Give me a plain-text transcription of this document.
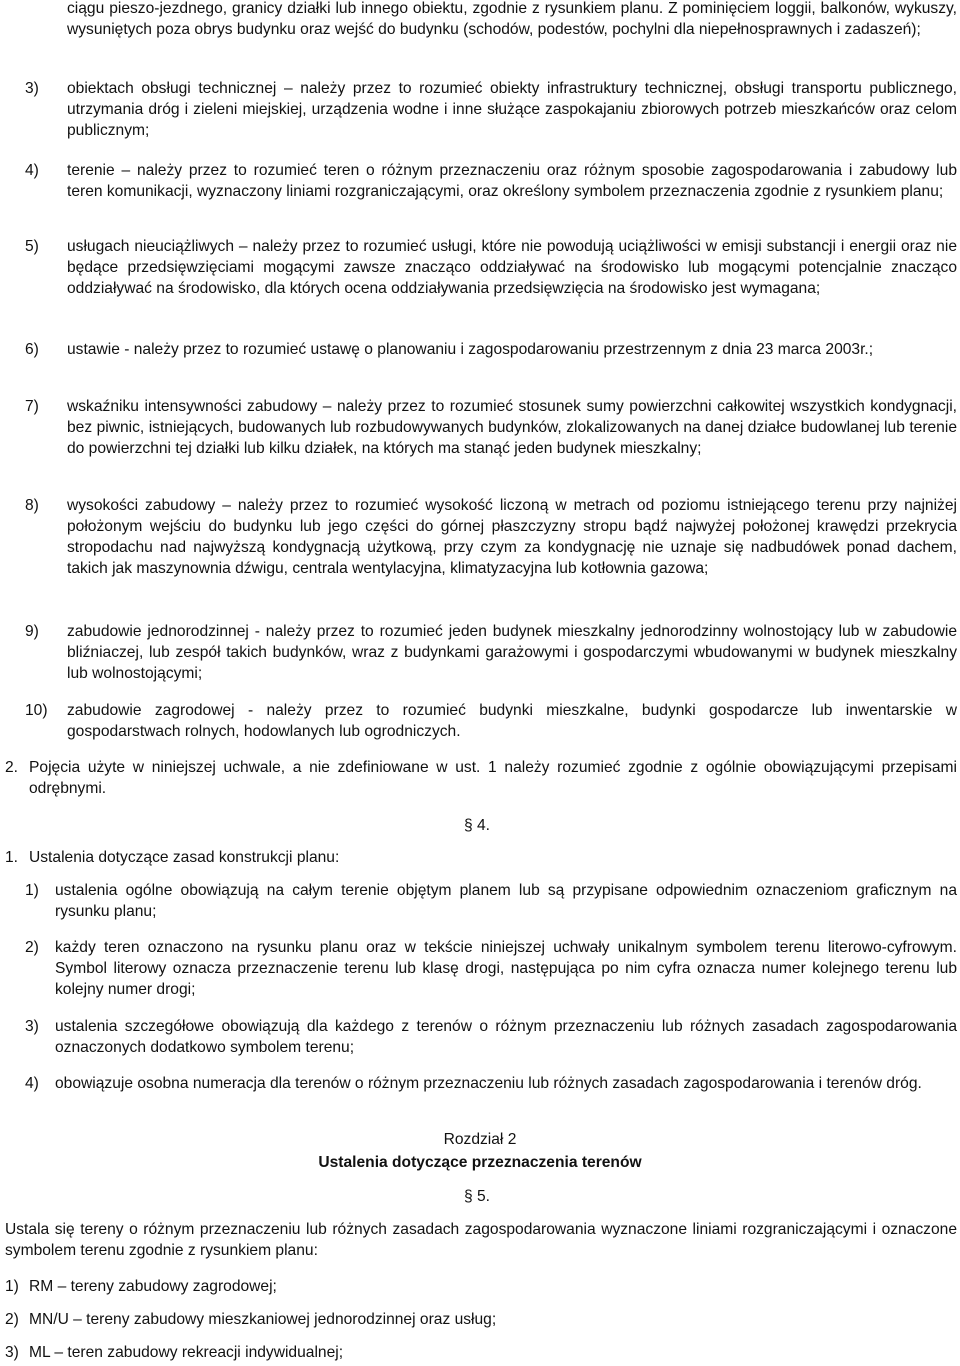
ciągu pieszo-jezdnego, granicy działki lub innego obiektu, zgodnie z rysunkiem planu. Z pominięciem loggii, balkonów, wykuszy, wysuniętych poza obrys budynku oraz wejść do budynku (schodów, podestów, pochylni dla niepełnosprawnych i zadaszeń);

3)	obiektach obsługi technicznej – należy przez to rozumieć obiekty infrastruktury technicznej, obsługi transportu publicznego, utrzymania dróg i zieleni miejskiej, urządzenia wodne i inne służące zaspokajaniu zbiorowych potrzeb mieszkańców oraz celom publicznym;
4)	terenie – należy przez to rozumieć teren o różnym przeznaczeniu oraz różnym sposobie zagospodarowania i zabudowy lub teren komunikacji, wyznaczony liniami rozgraniczającymi, oraz określony symbolem przeznaczenia zgodnie z rysunkiem planu;
5)	usługach nieuciążliwych – należy przez to rozumieć usługi, które nie powodują uciążliwości w emisji substancji i energii oraz nie będące przedsięwzięciami mogącymi zawsze znacząco oddziaływać na środowisko lub mogącymi potencjalnie znacząco oddziaływać na środowisko, dla których ocena oddziaływania przedsięwzięcia na środowisko jest wymagana;
6)	ustawie - należy przez to rozumieć ustawę o planowaniu i zagospodarowaniu przestrzennym z dnia 23 marca 2003r.;
7)	wskaźniku intensywności zabudowy – należy przez to rozumieć stosunek sumy powierzchni całkowitej wszystkich kondygnacji, bez piwnic, istniejących, budowanych lub rozbudowywanych budynków, zlokalizowanych na danej działce budowlanej lub terenie do powierzchni tej działki lub kilku działek, na których ma stanąć jeden budynek mieszkalny;
8)	wysokości zabudowy – należy przez to rozumieć wysokość liczoną w metrach od poziomu istniejącego terenu przy najniżej położonym wejściu do budynku lub jego części do górnej płaszczyzny stropu bądź najwyżej położonej krawędzi przekrycia stropodachu nad najwyższą kondygnacją użytkową, przy czym za kondygnację nie uznaje się nadbudówek ponad dachem, takich jak maszynownia dźwigu, centrala wentylacyjna, klimatyzacyjna lub kotłownia gazowa;
9)	zabudowie jednorodzinnej - należy przez to rozumieć jeden budynek mieszkalny jednorodzinny wolnostojący lub w zabudowie bliźniaczej, lub zespół takich budynków, wraz z budynkami garażowymi i gospodarczymi wbudowanymi w budynek mieszkalny lub wolnostojącymi;
10)	zabudowie zagrodowej - należy przez to rozumieć budynki mieszkalne, budynki gospodarcze lub inwentarskie w gospodarstwach rolnych, hodowlanych lub ogrodniczych.
2. Pojęcia użyte w niniejszej uchwale, a nie zdefiniowane w ust. 1 należy rozumieć zgodnie z ogólnie obowiązującymi przepisami odrębnymi.

§ 4.

1. Ustalenia dotyczące zasad konstrukcji planu:
1)	ustalenia ogólne obowiązują na całym terenie objętym planem lub są przypisane odpowiednim oznaczeniom graficznym na rysunku planu;
2)	każdy teren oznaczono na rysunku planu oraz w tekście niniejszej uchwały unikalnym symbolem terenu literowo-cyfrowym. Symbol literowy oznacza przeznaczenie terenu lub klasę drogi, następująca po nim cyfra oznacza numer kolejnego terenu lub kolejny numer drogi;
3)	ustalenia szczegółowe obowiązują dla każdego z terenów o różnym przeznaczeniu lub różnych zasadach zagospodarowania oznaczonych dodatkowo symbolem terenu;
4)	obowiązuje osobna numeracja dla terenów o różnym przeznaczeniu lub różnych zasadach zagospodarowania i terenów dróg.

Rozdział 2

Ustalenia dotyczące przeznaczenia terenów

§ 5.

Ustala się tereny o różnym przeznaczeniu lub różnych zasadach zagospodarowania wyznaczone liniami rozgraniczającymi i oznaczone symbolem terenu zgodnie z rysunkiem planu:

1) RM – tereny zabudowy zagrodowej;
2) MN/U – tereny zabudowy mieszkaniowej jednorodzinnej oraz usług;
3) ML – teren zabudowy rekreacji indywidualnej;
